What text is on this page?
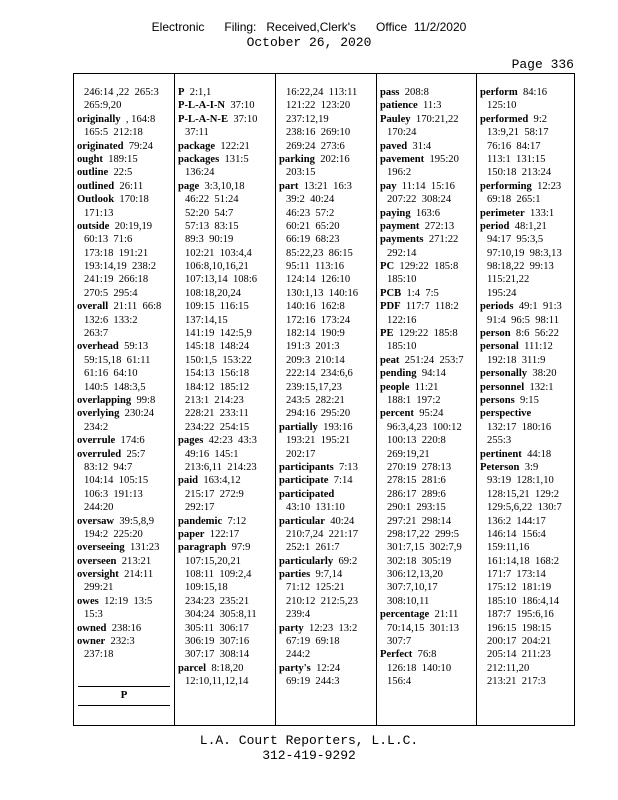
Electronic      Filing:   Received,Clerk's      Office  11/2/2020
October 26, 2020
Page 336
246:14 ,22  265:3
265:9,20
originally  , 164:8
165:5  212:18
originated  79:24
ought  189:15
outline  22:5
outlined  26:11
Outlook  170:18
171:13
outside  20:19,19
60:13  71:6
173:18  191:21
193:14,19  238:2
241:19  266:18
270:5  295:4
overall  21:11  66:8
132:6  133:2
263:7
overhead  59:13
59:15,18  61:11
61:16  64:10
140:5  148:3,5
overlapping  99:8
overlying  230:24
234:2
overrule  174:6
overruled  25:7
83:12  94:7
104:14  105:15
106:3  191:13
244:20
oversaw  39:5,8,9
194:2  225:20
overseeing  131:23
overseen  213:21
oversight  214:11
299:21
owes  12:19  13:5
15:3
owned  238:16
owner  232:3
237:18
P
P  2:1,1
P-L-A-I-N  37:10
P-L-A-N-E  37:10
37:11
package  122:21
packages  131:5
136:24
page  3:3,10,18
46:22  51:24
52:20  54:7
57:13  83:15
89:3  90:19
102:21  103:4,4
106:8,10,16,21
107:13,14  108:6
108:18,20,24
109:15  116:15
137:14,15
141:19  142:5,9
145:18  148:24
150:1,5  153:22
154:13  156:18
184:12  185:12
213:1  214:23
228:21  233:11
234:22  254:15
pages  42:23  43:3
49:16  145:1
213:6,11  214:23
paid  163:4,12
215:17  272:9
292:17
pandemic  7:12
paper  122:17
paragraph  97:9
107:15,20,21
108:11  109:2,4
109:15,18
234:23  235:21
304:24  305:8,11
305:11  306:17
306:19  307:16
307:17  308:14
parcel  8:18,20
12:10,11,12,14
16:22,24  113:11
121:22  123:20
237:12,19
238:16  269:10
269:24  273:6
parking  202:16
203:15
part  13:21  16:3
39:2  40:24
46:23  57:2
60:21  65:20
66:19  68:23
85:22,23  86:15
95:11  113:16
124:14  126:10
130:1,13  140:16
140:16  162:8
172:16  173:24
182:14  190:9
191:3  201:3
209:3  210:14
222:14  234:6,6
239:15,17,23
243:5  282:21
294:16  295:20
partially  193:16
193:21  195:21
202:17
participants  7:13
participate  7:14
participated
43:10  131:10
particular  40:24
210:7,24  221:17
252:1  261:7
particularly  69:2
parties  9:7,14
71:12  125:21
210:12  212:5,23
239:4
party  12:23  13:2
67:19  69:18
244:2
party's  12:24
69:19  244:3
pass  208:8
patience  11:3
Pauley  170:21,22
170:24
paved  31:4
pavement  195:20
196:2
pay  11:14  15:16
207:22  308:24
paying  163:6
payment  272:13
payments  271:22
292:14
PC  129:22  185:8
185:10
PCB  1:4  7:5
PDF  117:7  118:2
122:16
PE  129:22  185:8
185:10
peat  251:24  253:7
pending  94:14
people  11:21
188:1  197:2
percent  95:24
96:3,4,23  100:12
100:13  220:8
269:19,21
270:19  278:13
278:15  281:6
286:17  289:6
290:1  293:15
297:21  298:14
298:17,22  299:5
301:7,15  302:7,9
302:18  305:19
306:12,13,20
307:7,10,17
308:10,11
percentage  21:11
70:14,15  301:13
307:7
Perfect  76:8
126:18  140:10
156:4
perform  84:16
125:10
performed  9:2
13:9,21  58:17
76:16  84:17
113:1  131:15
150:18  213:24
performing  12:23
69:18  265:1
perimeter  133:1
period  48:1,21
94:17  95:3,5
97:10,19  98:3,13
98:18,22  99:13
115:21,22
195:24
periods  49:1  91:3
91:4  96:5  98:11
person  8:6  56:22
personal  111:12
192:18  311:9
personally  38:20
personnel  132:1
persons  9:15
perspective
132:17  180:16
255:3
pertinent  44:18
Peterson  3:9
93:19  128:1,10
128:15,21  129:2
129:5,6,22  130:7
136:2  144:17
146:14  156:4
159:11,16
161:14,18  168:2
171:7  173:14
175:12  181:19
185:10  186:4,14
187:7  195:6,16
196:15  198:15
200:17  204:21
205:14  211:23
212:11,20
213:21  217:3
L.A. Court Reporters, L.L.C.
312-419-9292
